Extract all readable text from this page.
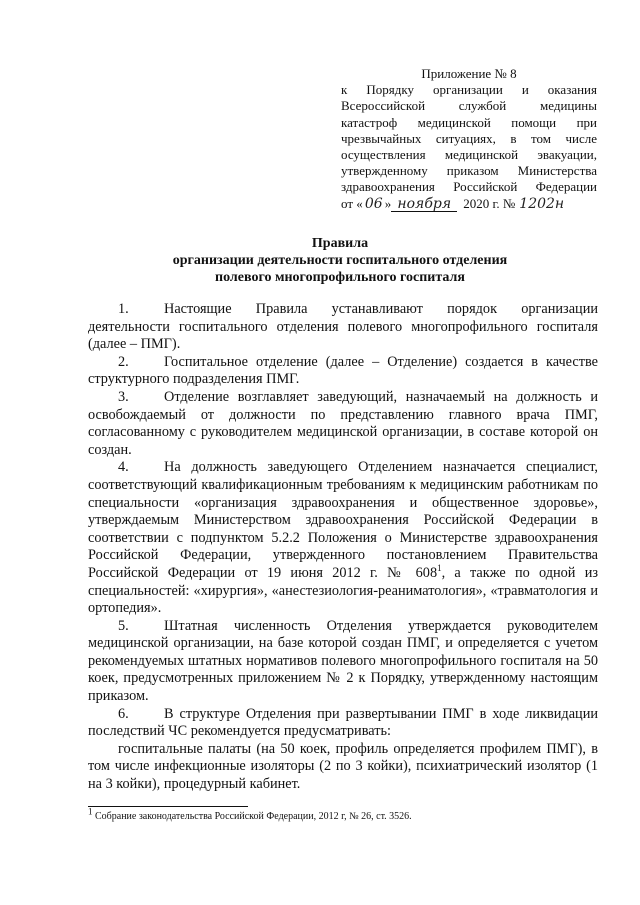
Приложение № 8
к Порядку организации и оказания
Всероссийской службой медицины
катастроф медицинской помощи при
чрезвычайных ситуациях, в том числе
осуществления медицинской эвакуации,
утвержденному приказом Министерства
здравоохранения Российской Федерации
от « 06 » ноября 2020 г. № 1202н
Правила
организации деятельности госпитального отделения
полевого многопрофильного госпиталя

1. Настоящие Правила устанавливают порядок организации деятельности госпитального отделения полевого многопрофильного госпиталя (далее – ПМГ).

2. Госпитальное отделение (далее – Отделение) создается в качестве структурного подразделения ПМГ.

3. Отделение возглавляет заведующий, назначаемый на должность и освобождаемый от должности по представлению главного врача ПМГ, согласованному с руководителем медицинской организации, в составе которой он создан.

4. На должность заведующего Отделением назначается специалист, соответствующий квалификационным требованиям к медицинским работникам по специальности «организация здравоохранения и общественное здоровье», утверждаемым Министерством здравоохранения Российской Федерации в соответствии с подпунктом 5.2.2 Положения о Министерстве здравоохранения Российской Федерации, утвержденного постановлением Правительства Российской Федерации от 19 июня 2012 г. № $608^1$, а также по одной из специальностей: «хирургия», «анестезиология-реаниматология», «травматология и ортопедия».

5. Штатная численность Отделения утверждается руководителем медицинской организации, на базе которой создан ПМГ, и определяется с учетом рекомендуемых штатных нормативов полевого многопрофильного госпиталя на 50 коек, предусмотренных приложением № 2 к Порядку, утвержденному настоящим приказом.

6. В структуре Отделения при развертывании ПМГ в ходе ликвидации последствий ЧС рекомендуется предусматривать:

госпитальные палаты (на 50 коек, профиль определяется профилем ПМГ), в том числе инфекционные изоляторы (2 по 3 койки), психиатрический изолятор (1 на 3 койки), процедурный кабинет.

$^1$ Собрание законодательства Российской Федерации, 2012 г, № 26, ст. 3526.
